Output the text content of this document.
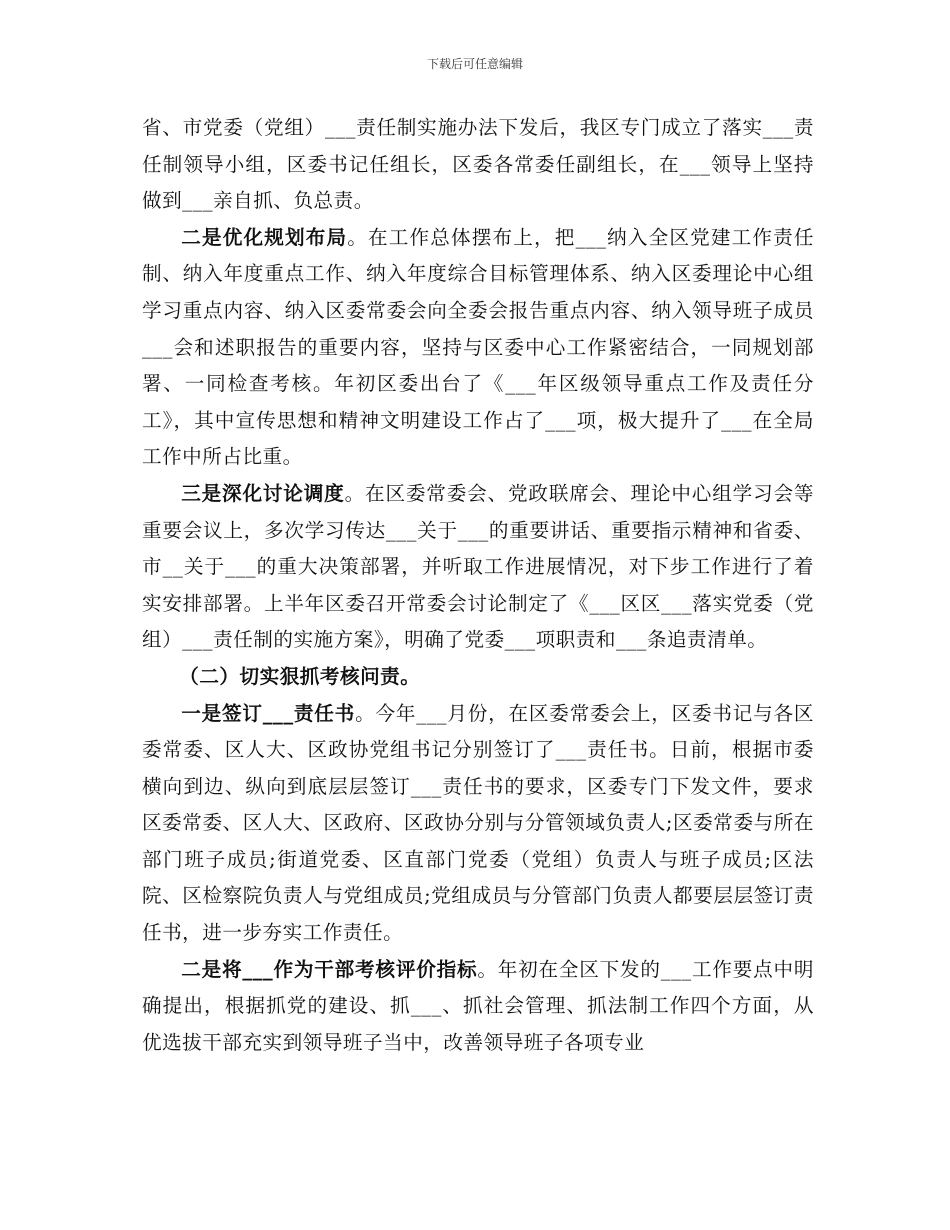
下载后可任意编辑

省、市党委（党组）___责任制实施办法下发后，我区专门成立了落实___责任制领导小组，区委书记任组长，区委各常委任副组长，在___领导上坚持做到___亲自抓、负总责。

二是优化规划布局。在工作总体摆布上，把___纳入全区党建工作责任制、纳入年度重点工作、纳入年度综合目标管理体系、纳入区委理论中心组学习重点内容、纳入区委常委会向全委会报告重点内容、纳入领导班子成员___会和述职报告的重要内容，坚持与区委中心工作紧密结合，一同规划部署、一同检查考核。年初区委出台了《___年区级领导重点工作及责任分工》，其中宣传思想和精神文明建设工作占了___项，极大提升了___在全局工作中所占比重。

三是深化讨论调度。在区委常委会、党政联席会、理论中心组学习会等重要会议上，多次学习传达___关于___的重要讲话、重要指示精神和省委、市__关于___的重大决策部署，并听取工作进展情况，对下步工作进行了着实安排部署。上半年区委召开常委会讨论制定了《___区区___落实党委（党组）___责任制的实施方案》，明确了党委___项职责和___条追责清单。

（二）切实狠抓考核问责。

一是签订___责任书。今年___月份，在区委常委会上，区委书记与各区委常委、区人大、区政协党组书记分别签订了___责任书。日前，根据市委横向到边、纵向到底层层签订___责任书的要求，区委专门下发文件，要求区委常委、区人大、区政府、区政协分别与分管领域负责人;区委常委与所在部门班子成员;街道党委、区直部门党委（党组）负责人与班子成员;区法院、区检察院负责人与党组成员;党组成员与分管部门负责人都要层层签订责任书，进一步夯实工作责任。

二是将___作为干部考核评价指标。年初在全区下发的___工作要点中明确提出，根据抓党的建设、抓___、抓社会管理、抓法制工作四个方面，从优选拔干部充实到领导班子当中，改善领导班子各项专业
